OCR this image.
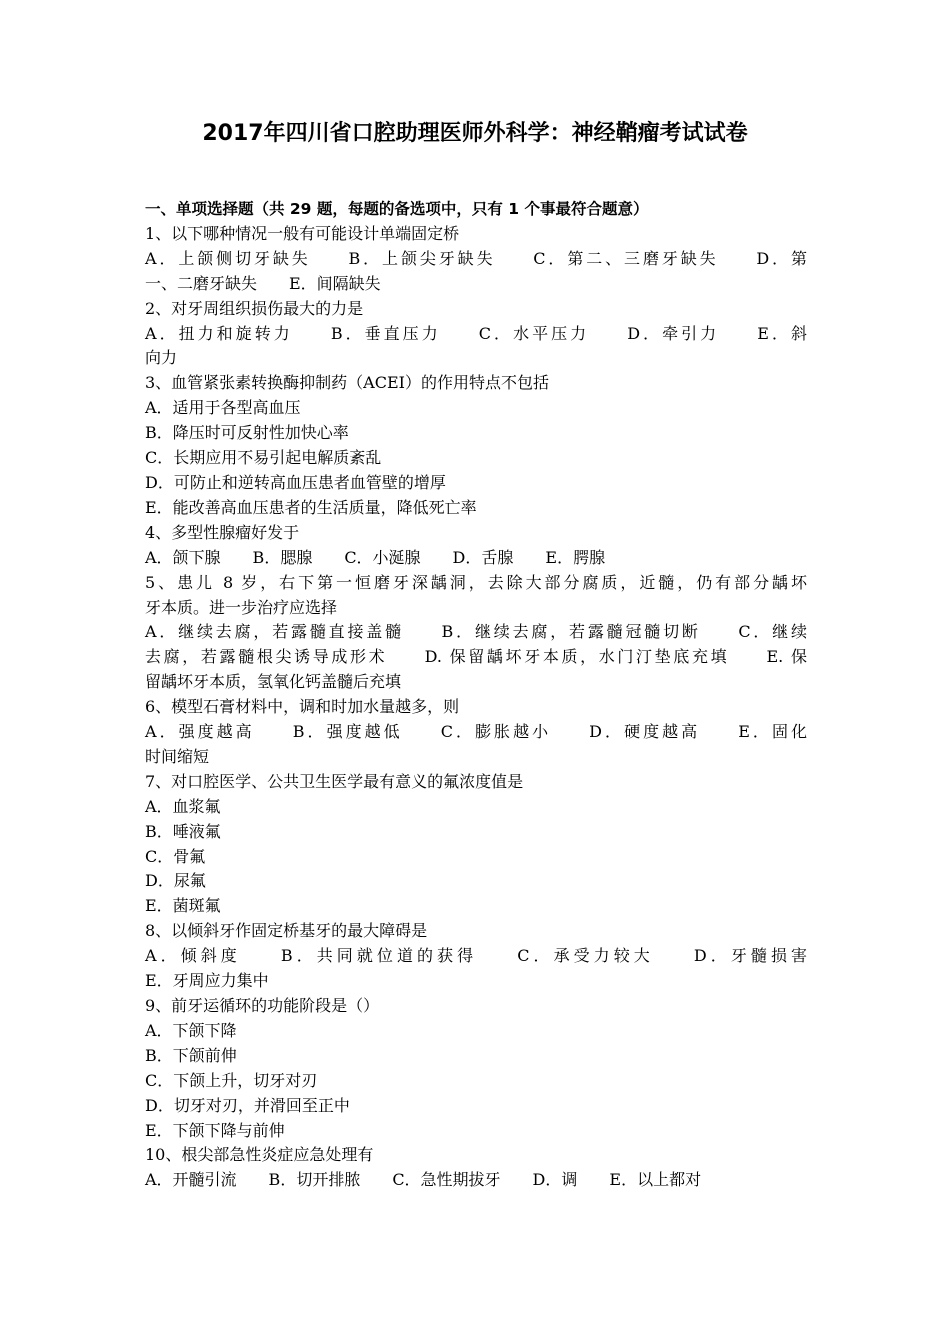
2017年四川省口腔助理医师外科学：神经鞘瘤考试试卷
一、单项选择题（共 29 题，每题的备选项中，只有 1 个事最符合题意）
1、以下哪种情况一般有可能设计单端固定桥
A．上颌侧切牙缺失　　B．上颌尖牙缺失　　C．第二、三磨牙缺失　　D．第
一、二磨牙缺失　　E．间隔缺失
2、对牙周组织损伤最大的力是
A．扭力和旋转力　　B．垂直压力　　C．水平压力　　D．牵引力　　E．斜
向力
3、血管紧张素转换酶抑制药（ACEI）的作用特点不包括
A．适用于各型高血压
B．降压时可反射性加快心率
C．长期应用不易引起电解质紊乱
D．可防止和逆转高血压患者血管壁的增厚
E．能改善高血压患者的生活质量，降低死亡率
4、多型性腺瘤好发于
A．颌下腺　　B．腮腺　　C．小涎腺　　D．舌腺　　E．腭腺
5、患儿 8 岁，右下第一恒磨牙深龋洞，去除大部分腐质，近髓，仍有部分龋坏
牙本质。进一步治疗应选择
A．继续去腐，若露髓直接盖髓　　B．继续去腐，若露髓冠髓切断　　C．继续
去腐，若露髓根尖诱导成形术　　D. 保留龋坏牙本质，水门汀垫底充填　　E. 保
留龋坏牙本质，氢氧化钙盖髓后充填
6、模型石膏材料中，调和时加水量越多，则
A．强度越高　　B．强度越低　　C．膨胀越小　　D．硬度越高　　E．固化
时间缩短
7、对口腔医学、公共卫生医学最有意义的氟浓度值是
A．血浆氟
B．唾液氟
C．骨氟
D．尿氟
E．菌斑氟
8、以倾斜牙作固定桥基牙的最大障碍是
A．倾斜度　　B．共同就位道的获得　　C．承受力较大　　D．牙髓损害
E．牙周应力集中
9、前牙运循环的功能阶段是（）
A．下颌下降
B．下颌前伸
C．下颌上升，切牙对刃
D．切牙对刃，并滑回至正中
E．下颌下降与前伸
10、根尖部急性炎症应急处理有
A．开髓引流　　B．切开排脓　　C．急性期拔牙　　D．调　　E．以上都对
